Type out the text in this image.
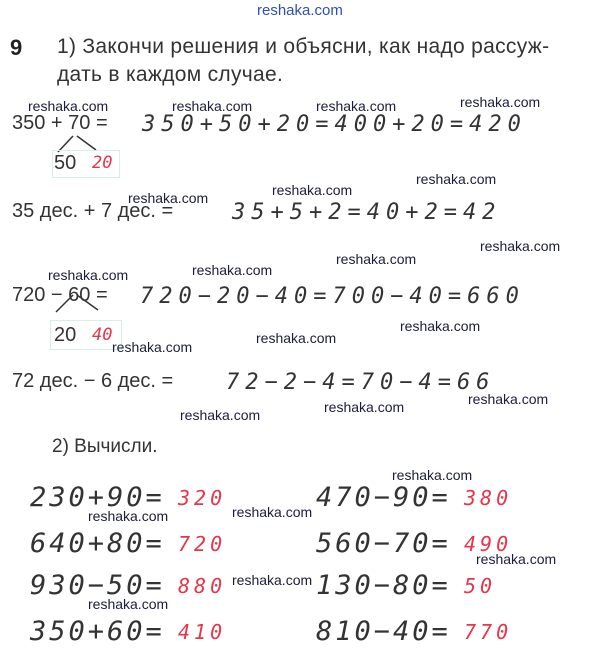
reshaka.com
9 1) Закончи решения и объясни, как надо рассуж-
дать в каждом случае.
350 + 70 =
50 20
350+50+20=400+20=420
35 дес. + 7 дес. =	35+5+2=40+2=42
720 − 60 =
20 40
720−20−40=700−40=660
72 дес. − 6 дес. = 72−2−4=70−4=66
2) Вычисли.
230+90= 320	470−90= 380
640+80= 720	560−70= 490
930−50= 880	130−80= 50
350+60= 410	810−40= 770
reshaka.com	reshaka.com	reshaka.com	reshaka.com
reshaka.com	reshaka.com
reshaka.com
reshaka.com
reshaka.com
reshaka.com
reshaka.com
reshaka.com
reshaka.com
reshaka.com
reshaka.com
reshaka.com
reshaka.com
reshaka.com
reshaka.com	reshaka.com
reshaka.com
reshaka.com
reshaka.com
